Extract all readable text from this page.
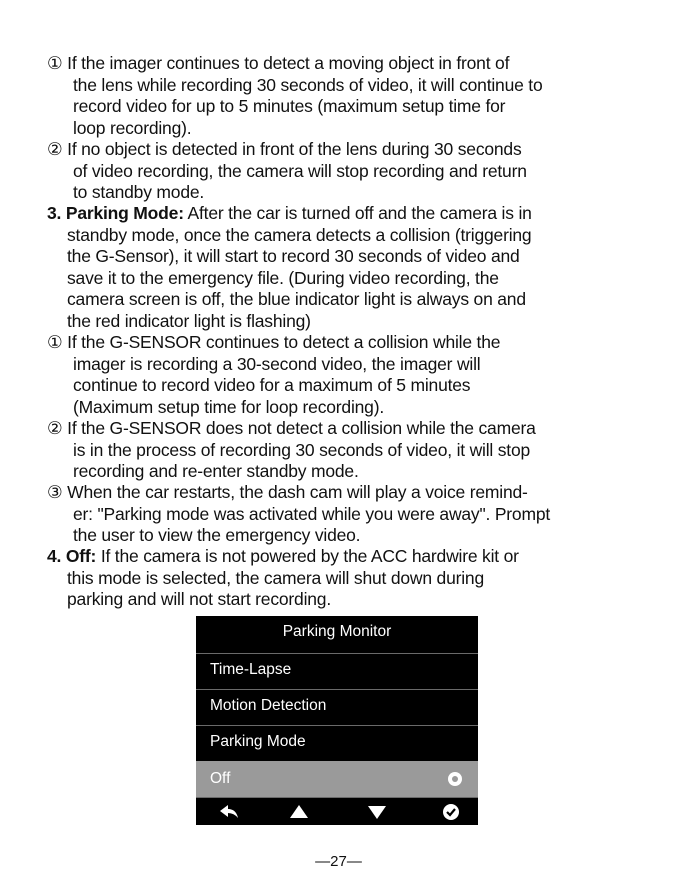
① If the imager continues to detect a moving object in front of
the lens while recording 30 seconds of video, it will continue to
record video for up to 5 minutes (maximum setup time for
loop recording).
② If no object is detected in front of the lens during 30 seconds
of video recording, the camera will stop recording and return
to standby mode.
3. Parking Mode: After the car is turned off and the camera is in
standby mode, once the camera detects a collision (triggering
the G-Sensor), it will start to record 30 seconds of video and
save it to the emergency file. (During video recording, the
camera screen is off, the blue indicator light is always on and
the red indicator light is flashing)
① If the G-SENSOR continues to detect a collision while the
imager is recording a 30-second video, the imager will
continue to record video for a maximum of 5 minutes
(Maximum setup time for loop recording).
② If the G-SENSOR does not detect a collision while the camera
is in the process of recording 30 seconds of video, it will stop
recording and re-enter standby mode.
③ When the car restarts, the dash cam will play a voice remind-
er: "Parking mode was activated while you were away". Prompt
the user to view the emergency video.
4. Off: If the camera is not powered by the ACC hardwire kit or
this mode is selected, the camera will shut down during
parking and will not start recording.
Parking Monitor
Time-Lapse
Motion Detection
Parking Mode
Off
—27—
